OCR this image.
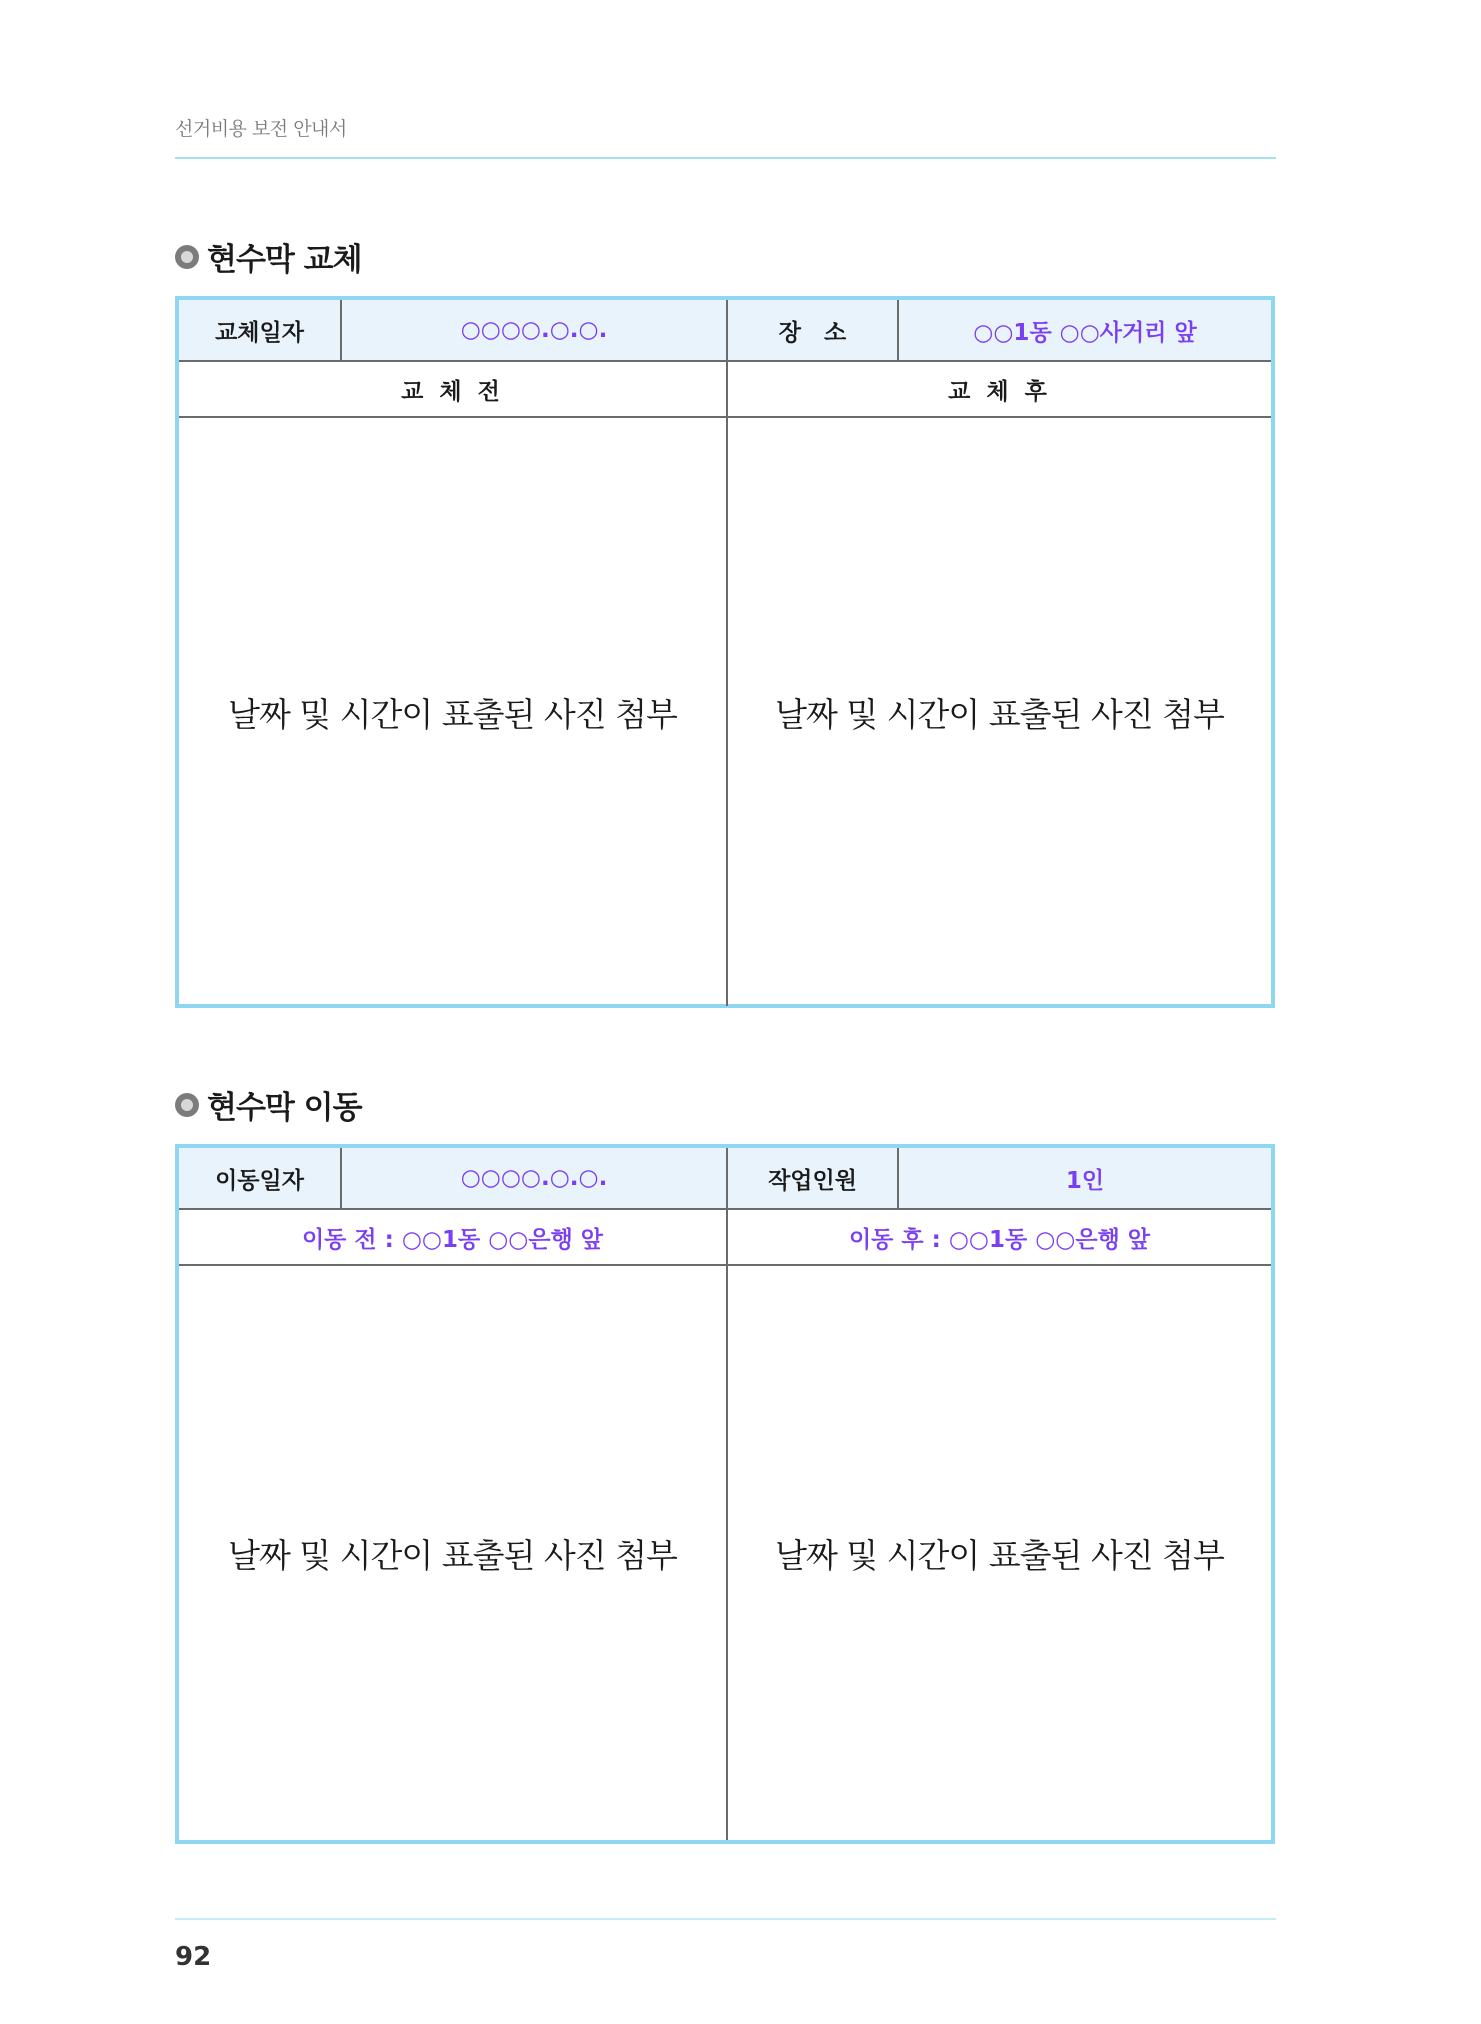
선거비용 보전 안내서
현수막 교체
교체일자	○○○○.○.○.	장　소	○○1동 ○○사거리 앞
교 체 전	교 체 후
날짜 및 시간이 표출된 사진 첨부	날짜 및 시간이 표출된 사진 첨부
현수막 이동
이동일자	○○○○.○.○.	작업인원	1인
이동 전 : ○○1동 ○○은행 앞	이동 후 : ○○1동 ○○은행 앞
날짜 및 시간이 표출된 사진 첨부	날짜 및 시간이 표출된 사진 첨부
92
